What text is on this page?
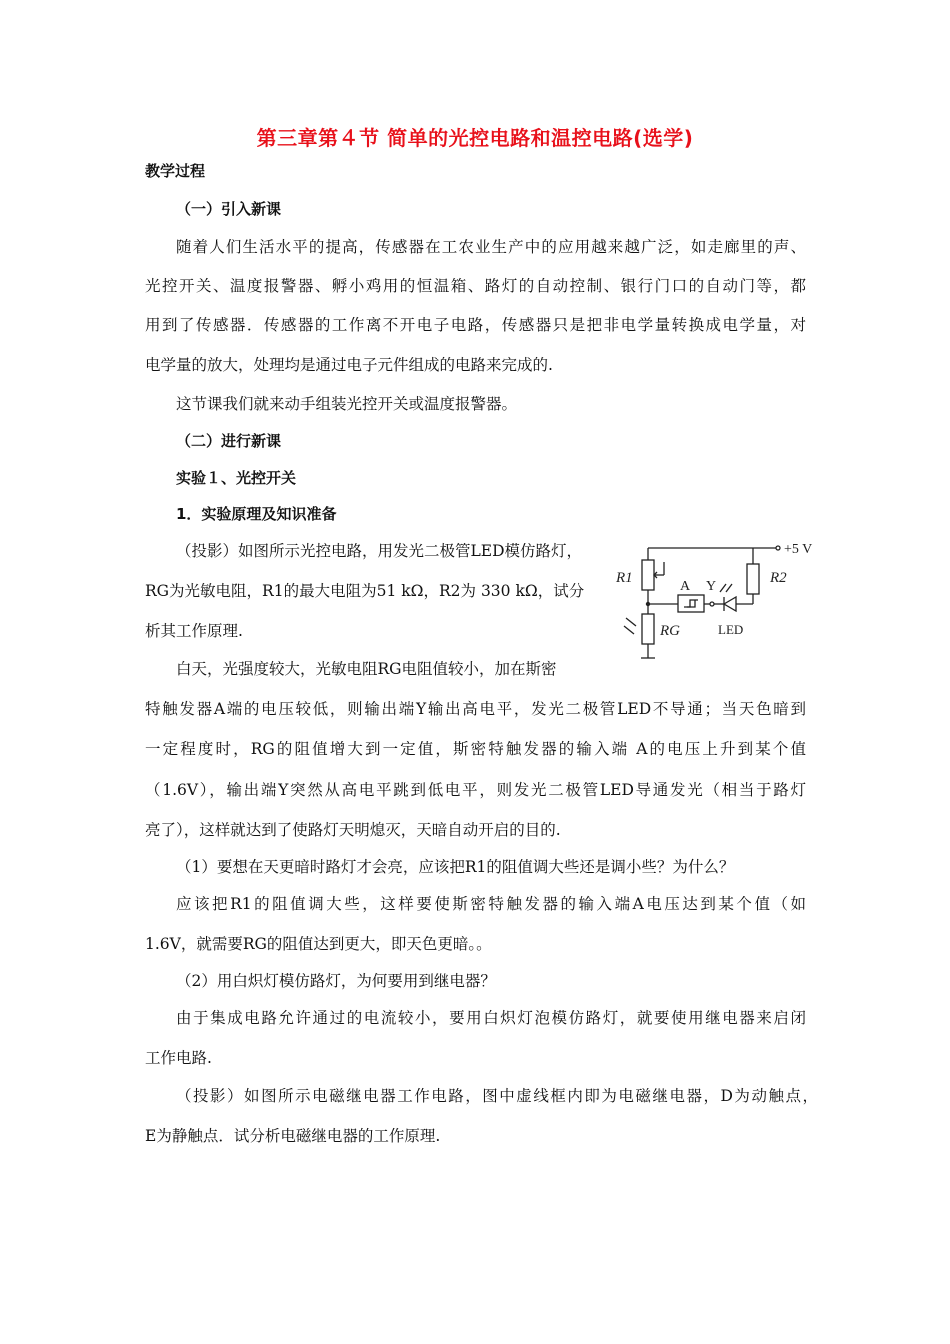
第三章第４节 简单的光控电路和温控电路(选学)
教学过程
（一）引入新课
随着人们生活水平的提高，传感器在工农业生产中的应用越来越广泛，如走廊里的声、
光控开关、温度报警器、孵小鸡用的恒温箱、路灯的自动控制、银行门口的自动门等，都
用到了传感器．传感器的工作离不开电子电路，传感器只是把非电学量转换成电学量，对
电学量的放大，处理均是通过电子元件组成的电路来完成的.
这节课我们就来动手组装光控开关或温度报警器。
（二）进行新课
实验１、光控开关
1．实验原理及知识准备
（投影）如图所示光控电路，用发光二极管LED模仿路灯，
RG为光敏电阻，R1的最大电阻为51 kΩ，R2为 330 kΩ，试分
析其工作原理.
+5 V
R1	R2
RG
A Y
LED
白天，光强度较大，光敏电阻RG电阻值较小，加在斯密
特触发器A端的电压较低，则输出端Y输出高电平，发光二极管LED不导通；当天色暗到
一定程度时，RG的阻值增大到一定值，斯密特触发器的输入端 A的电压上升到某个值
（1.6V），输出端Y突然从高电平跳到低电平，则发光二极管LED导通发光（相当于路灯
亮了），这样就达到了使路灯天明熄灭，天暗自动开启的目的.
（1）要想在天更暗时路灯才会亮，应该把R1的阻值调大些还是调小些？为什么？
应该把R1的阻值调大些，这样要使斯密特触发器的输入端A电压达到某个值（如
1.6V，就需要RG的阻值达到更大，即天色更暗。。
（2）用白炽灯模仿路灯，为何要用到继电器？
由于集成电路允许通过的电流较小，要用白炽灯泡模仿路灯，就要使用继电器来启闭
工作电路.
（投影）如图所示电磁继电器工作电路，图中虚线框内即为电磁继电器，D为动触点，
E为静触点．试分析电磁继电器的工作原理.
